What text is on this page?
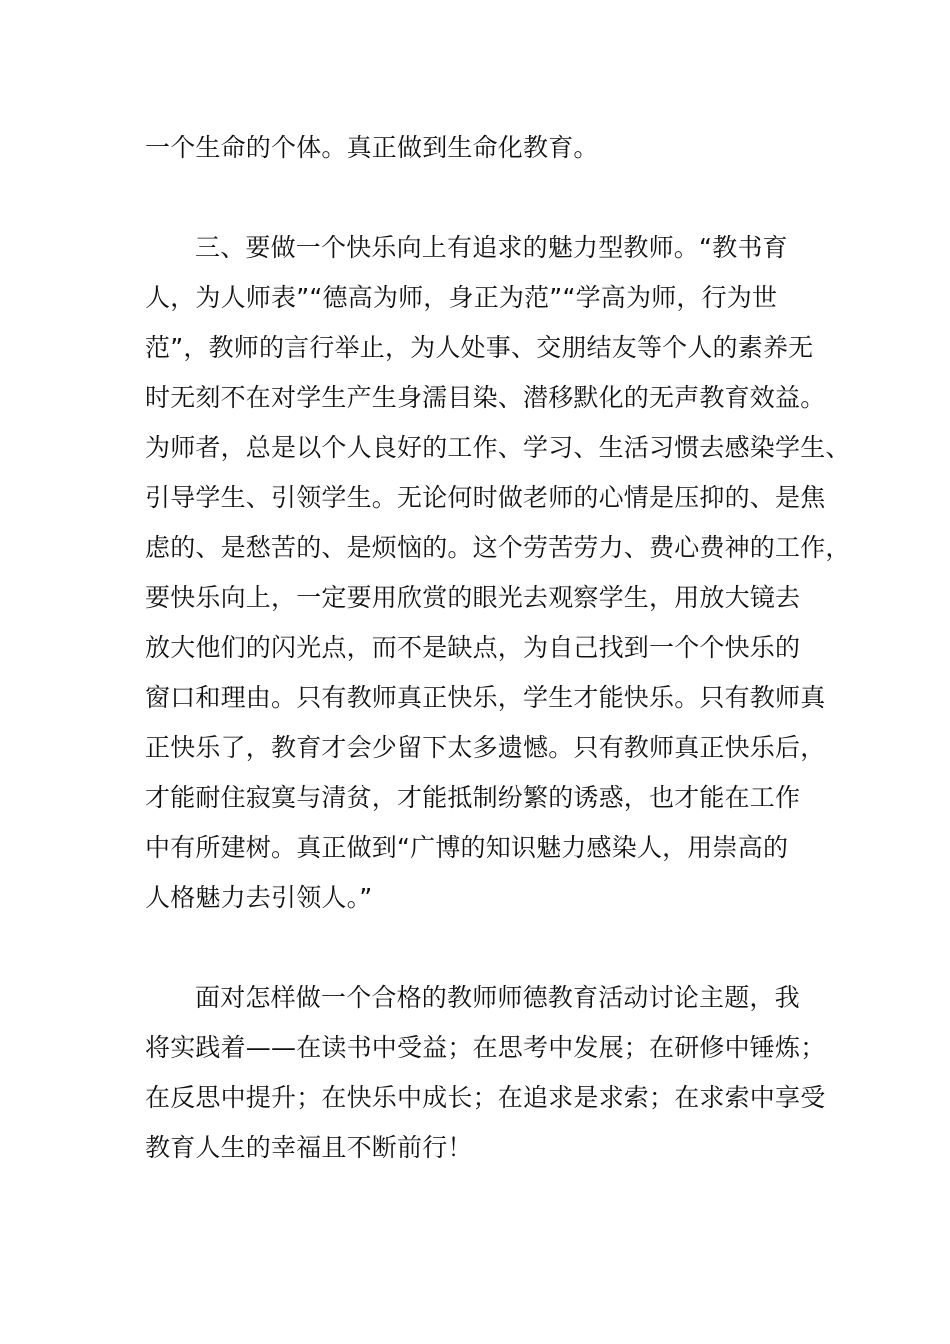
一个生命的个体。真正做到生命化教育。
三、要做一个快乐向上有追求的魅力型教师。“教书育
人，为人师表”“德高为师，身正为范”“学高为师，行为世
范”，教师的言行举止，为人处事、交朋结友等个人的素养无
时无刻不在对学生产生身濡目染、潜移默化的无声教育效益。
为师者，总是以个人良好的工作、学习、生活习惯去感染学生、
引导学生、引领学生。无论何时做老师的心情是压抑的、是焦
虑的、是愁苦的、是烦恼的。这个劳苦劳力、费心费神的工作，
要快乐向上，一定要用欣赏的眼光去观察学生，用放大镜去
放大他们的闪光点，而不是缺点，为自己找到一个个快乐的
窗口和理由。只有教师真正快乐，学生才能快乐。只有教师真
正快乐了，教育才会少留下太多遗憾。只有教师真正快乐后，
才能耐住寂寞与清贫，才能抵制纷繁的诱惑，也才能在工作
中有所建树。真正做到“广博的知识魅力感染人，用崇高的
人格魅力去引领人。”
面对怎样做一个合格的教师师德教育活动讨论主题，我
将实践着——在读书中受益；在思考中发展；在研修中锤炼；
在反思中提升；在快乐中成长；在追求是求索；在求索中享受
教育人生的幸福且不断前行！
